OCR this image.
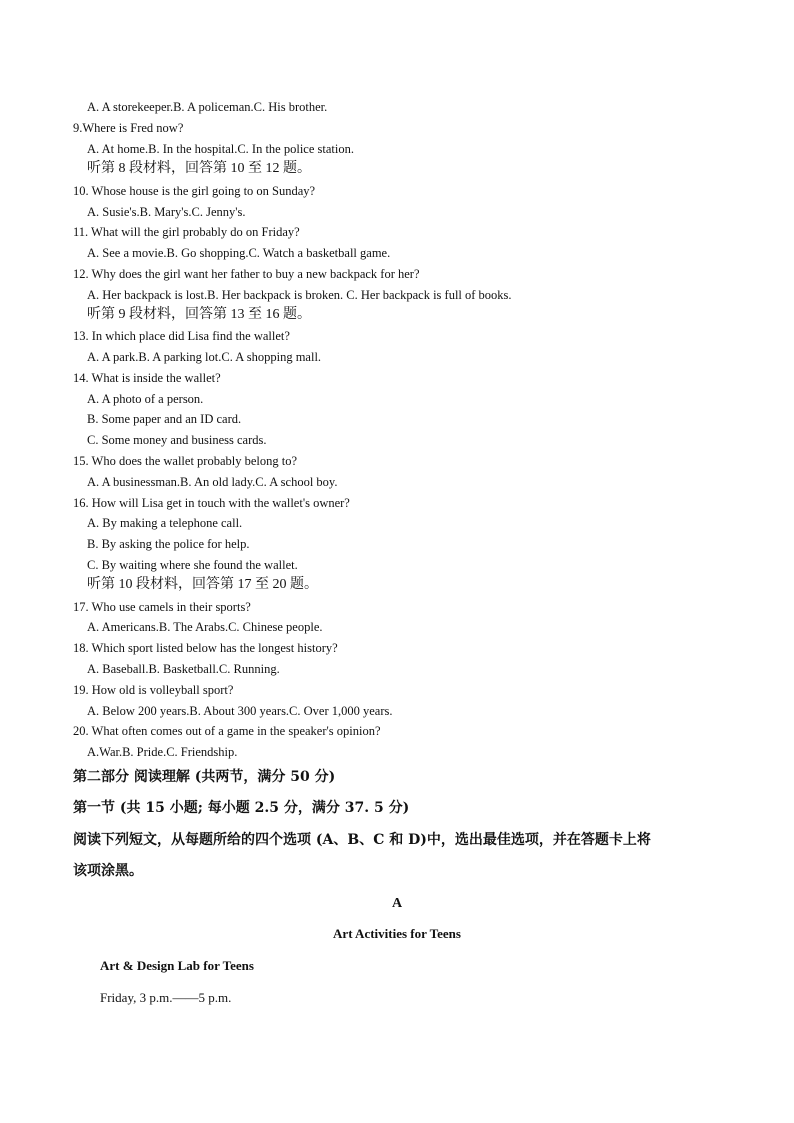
A. A storekeeper.B. A policeman.C. His brother.
9.Where is Fred now?
A. At home.B. In the hospital.C. In the police station.
听第 8 段材料，回答第 10 至 12 题。
10. Whose house is the girl going to on Sunday?
A. Susie's.B. Mary's.C. Jenny's.
11. What will the girl probably do on Friday?
A. See a movie.B. Go shopping.C. Watch a basketball game.
12. Why does the girl want her father to buy a new backpack for her?
A. Her backpack is lost.B. Her backpack is broken. C. Her backpack is full of books.
听第 9 段材料，回答第 13 至 16 题。
13. In which place did Lisa find the wallet?
A. A park.B. A parking lot.C. A shopping mall.
14. What is inside the wallet?
A. A photo of a person.
B. Some paper and an ID card.
C. Some money and business cards.
15. Who does the wallet probably belong to?
A. A businessman.B. An old lady.C. A school boy.
16. How will Lisa get in touch with the wallet's owner?
A. By making a telephone call.
B. By asking the police for help.
C. By waiting where she found the wallet.
听第 10 段材料，回答第 17 至 20 题。
17. Who use camels in their sports?
A. Americans.B. The Arabs.C. Chinese people.
18. Which sport listed below has the longest history?
A. Baseball.B. Basketball.C. Running.
19. How old is volleyball sport?
A. Below 200 years.B. About 300 years.C. Over 1,000 years.
20. What often comes out of a game in the speaker's opinion?
A.War.B. Pride.C. Friendship.
第二部分 阅读理解 (共两节，满分 50 分)
第一节 (共 15 小题; 每小题 2.5 分，满分 37. 5 分)
阅读下列短文，从每题所给的四个选项 (A、B、C 和 D)中，选出最佳选项，并在答题卡上将
该项涂黑。
A
Art Activities for Teens
Art & Design Lab for Teens
Friday, 3 p.m.——5 p.m.
